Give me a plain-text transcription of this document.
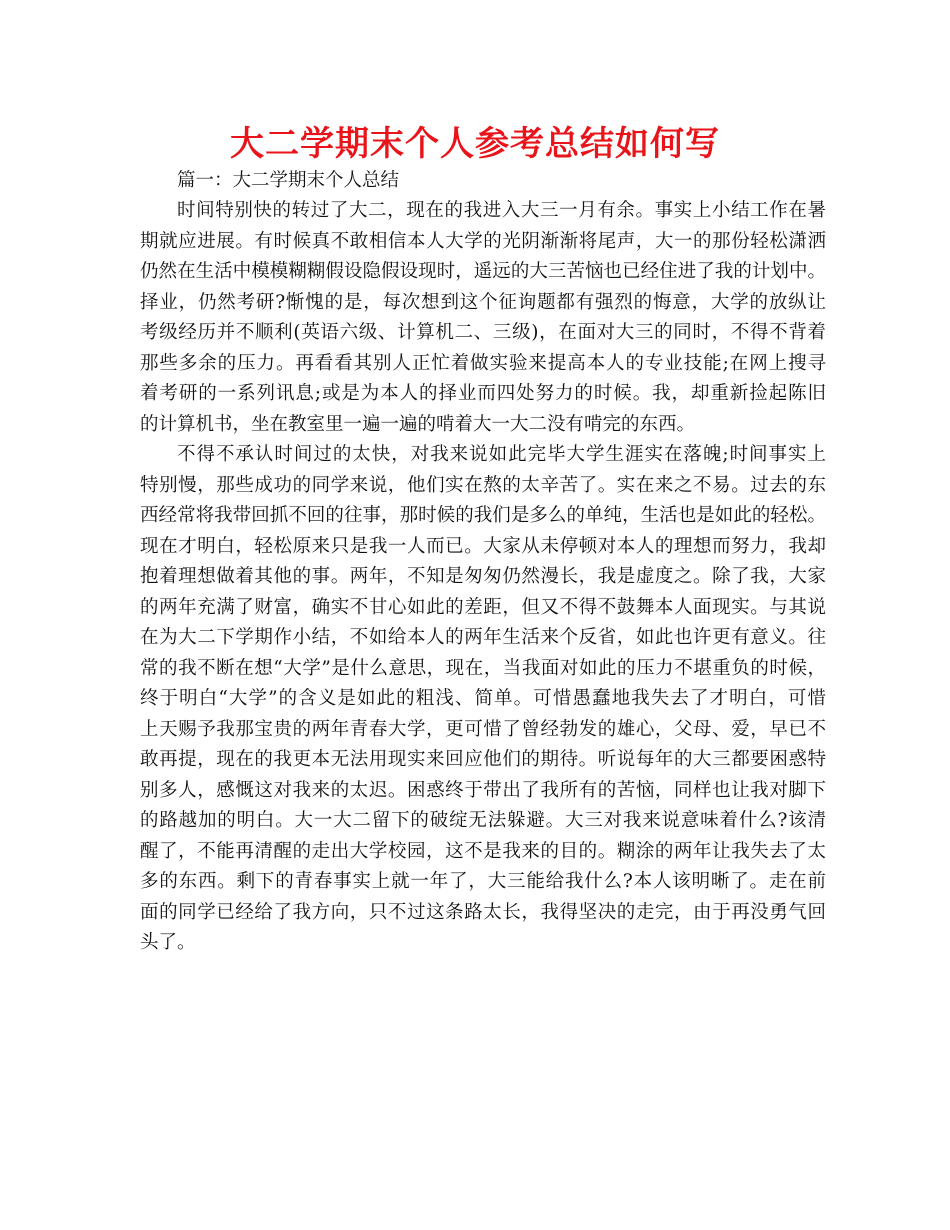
大二学期末个人参考总结如何写

篇一：大二学期末个人总结

时间特别快的转过了大二，现在的我进入大三一月有余。事实上小结工作在暑
期就应进展。有时候真不敢相信本人大学的光阴渐渐将尾声，大一的那份轻松潇洒
仍然在生活中模模糊糊假设隐假设现时，遥远的大三苦恼也已经住进了我的计划中。
择业，仍然考研?惭愧的是，每次想到这个征询题都有强烈的悔意，大学的放纵让
考级经历并不顺利(英语六级、计算机二、三级)，在面对大三的同时，不得不背着
那些多余的压力。再看看其别人正忙着做实验来提高本人的专业技能;在网上搜寻
着考研的一系列讯息;或是为本人的择业而四处努力的时候。我，却重新捡起陈旧
的计算机书，坐在教室里一遍一遍的啃着大一大二没有啃完的东西。
不得不承认时间过的太快，对我来说如此完毕大学生涯实在落魄;时间事实上
特别慢，那些成功的同学来说，他们实在熬的太辛苦了。实在来之不易。过去的东
西经常将我带回抓不回的往事，那时候的我们是多么的单纯，生活也是如此的轻松。
现在才明白，轻松原来只是我一人而已。大家从未停顿对本人的理想而努力，我却
抱着理想做着其他的事。两年，不知是匆匆仍然漫长，我是虚度之。除了我，大家
的两年充满了财富，确实不甘心如此的差距，但又不得不鼓舞本人面现实。与其说
在为大二下学期作小结，不如给本人的两年生活来个反省，如此也许更有意义。往
常的我不断在想“大学”是什么意思，现在，当我面对如此的压力不堪重负的时候，
终于明白“大学”的含义是如此的粗浅、简单。可惜愚蠢地我失去了才明白，可惜
上天赐予我那宝贵的两年青春大学，更可惜了曾经勃发的雄心，父母、爱，早已不
敢再提，现在的我更本无法用现实来回应他们的期待。听说每年的大三都要困惑特
别多人，感慨这对我来的太迟。困惑终于带出了我所有的苦恼，同样也让我对脚下
的路越加的明白。大一大二留下的破绽无法躲避。大三对我来说意味着什么?该清
醒了，不能再清醒的走出大学校园，这不是我来的目的。糊涂的两年让我失去了太
多的东西。剩下的青春事实上就一年了，大三能给我什么?本人该明晰了。走在前
面的同学已经给了我方向，只不过这条路太长，我得坚决的走完，由于再没勇气回
头了。
